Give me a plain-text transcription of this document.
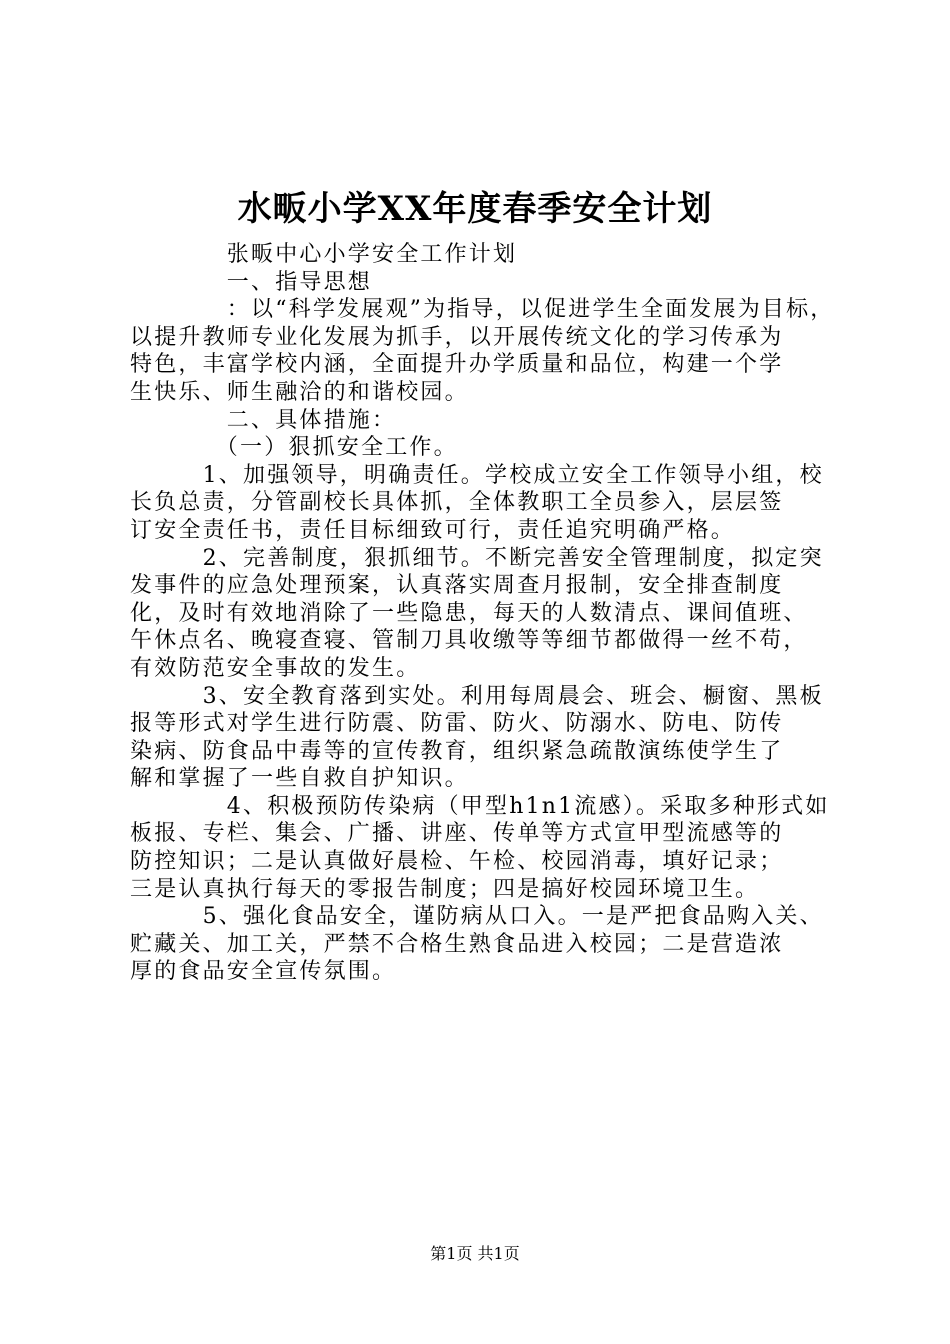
水畈小学XX年度春季安全计划
　　　　张畈中心小学安全工作计划
　　　　一、指导思想
　　　　：以“科学发展观”为指导，以促进学生全面发展为目标，
以提升教师专业化发展为抓手，以开展传统文化的学习传承为
特色，丰富学校内涵，全面提升办学质量和品位，构建一个学
生快乐、师生融洽的和谐校园。
　　　　二、具体措施：
　　　　（一）狠抓安全工作。
　　　1、加强领导，明确责任。学校成立安全工作领导小组，校
长负总责，分管副校长具体抓，全体教职工全员参入，层层签
订安全责任书，责任目标细致可行，责任追究明确严格。
　　　2、完善制度，狠抓细节。不断完善安全管理制度，拟定突
发事件的应急处理预案，认真落实周查月报制，安全排查制度
化，及时有效地消除了一些隐患，每天的人数清点、课间值班、
午休点名、晚寝查寝、管制刀具收缴等等细节都做得一丝不苟，
有效防范安全事故的发生。
　　　3、安全教育落到实处。利用每周晨会、班会、橱窗、黑板
报等形式对学生进行防震、防雷、防火、防溺水、防电、防传
染病、防食品中毒等的宣传教育，组织紧急疏散演练使学生了
解和掌握了一些自救自护知识。
　　　　4、积极预防传染病（甲型h1n1流感）。采取多种形式如
板报、专栏、集会、广播、讲座、传单等方式宣甲型流感等的
防控知识；二是认真做好晨检、午检、校园消毒，填好记录；
三是认真执行每天的零报告制度；四是搞好校园环境卫生。
　　　5、强化食品安全，谨防病从口入。一是严把食品购入关、
贮藏关、加工关，严禁不合格生熟食品进入校园；二是营造浓
厚的食品安全宣传氛围。
第1页 共1页
